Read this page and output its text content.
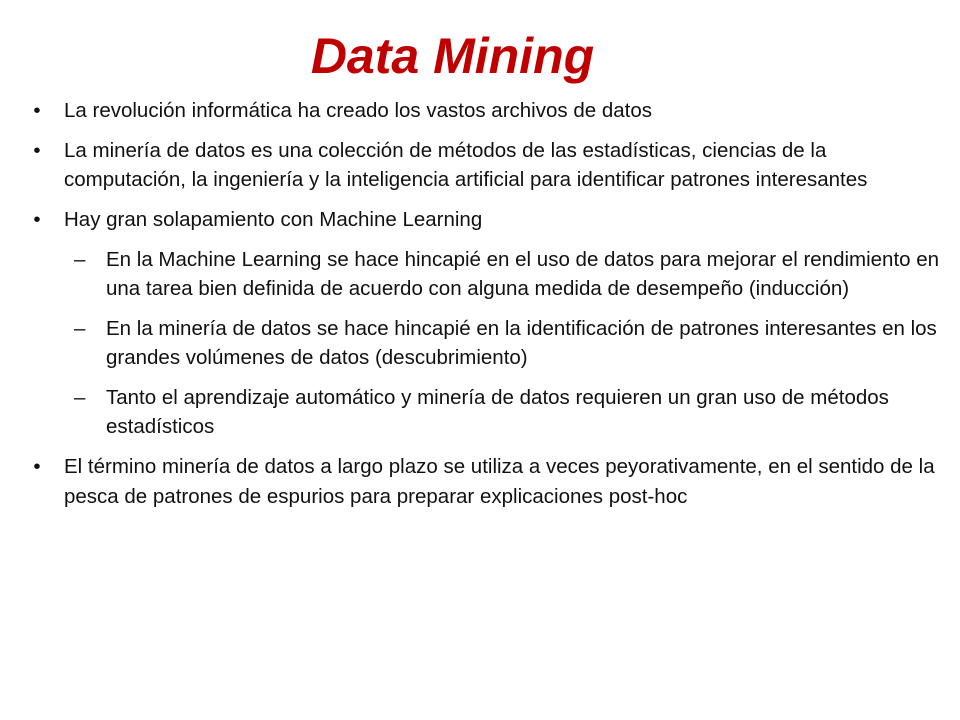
Data Mining
• La revolución informática ha creado los vastos archivos de datos
• La minería de datos es una colección de métodos de las estadísticas, ciencias de la computación, la ingeniería y la inteligencia artificial para identificar patrones interesantes
• Hay gran solapamiento con Machine Learning
– En la Machine Learning se hace hincapié en el uso de datos para mejorar el rendimiento en una tarea bien definida de acuerdo con alguna medida de desempeño (inducción)
– En la minería de datos se hace hincapié en la identificación de patrones interesantes en los grandes volúmenes de datos (descubrimiento)
– Tanto el aprendizaje automático y minería de datos requieren un gran uso de métodos estadísticos
• El término minería de datos a largo plazo se utiliza a veces peyorativamente, en el sentido de la pesca de patrones de espurios para preparar explicaciones post-hoc
